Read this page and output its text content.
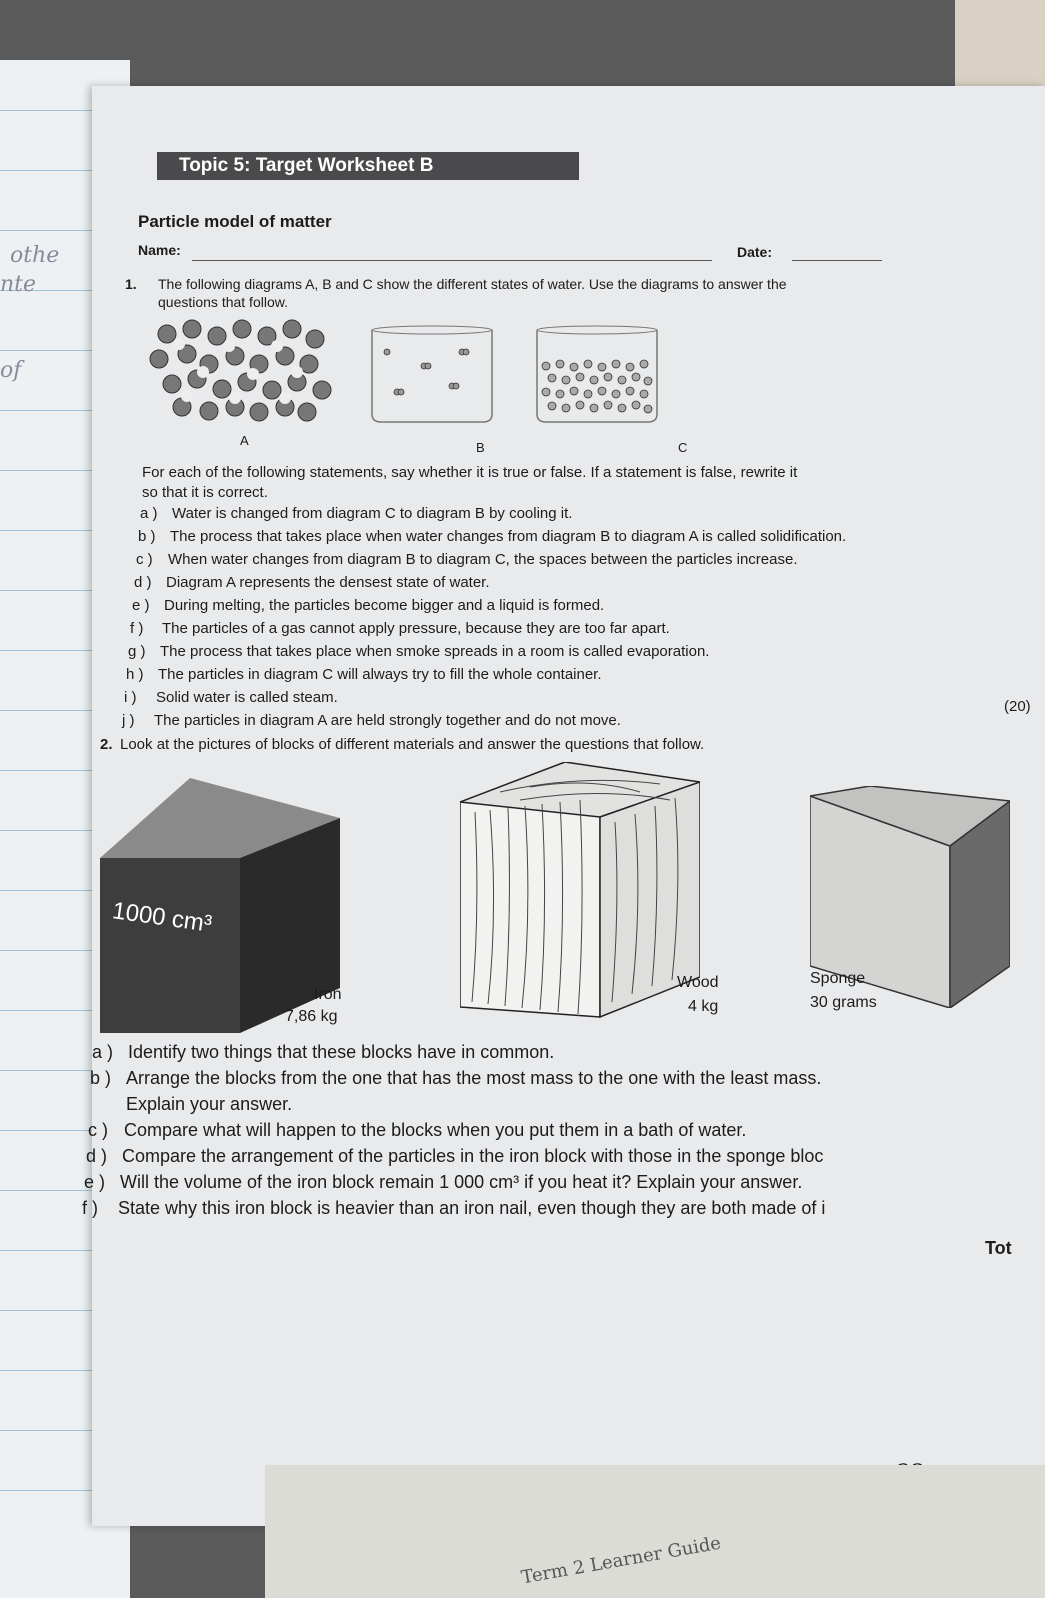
othe
nte
of
Topic 5: Target Worksheet B
Particle model of matter
Name:	Date:
1. The following diagrams A, B and C show the different states of water. Use the diagrams to answer the
questions that follow.
A	B	C
For each of the following statements, say whether it is true or false. If a statement is false, rewrite it
so that it is correct.
a ) Water is changed from diagram C to diagram B by cooling it.
b ) The process that takes place when water changes from diagram B to diagram A is called solidification.
c ) When water changes from diagram B to diagram C, the spaces between the particles increase.
d ) Diagram A represents the densest state of water.
e ) During melting, the particles become bigger and a liquid is formed.
f ) The particles of a gas cannot apply pressure, because they are too far apart.
g ) The process that takes place when smoke spreads in a room is called evaporation.
h ) The particles in diagram C will always try to fill the whole container.
i ) Solid water is called steam.
j ) The particles in diagram A are held strongly together and do not move.
(20)
2. Look at the pictures of blocks of different materials and answer the questions that follow.
1000 cm³
Iron
7,86 kg
Wood
4 kg
Sponge
30 grams
a ) Identify two things that these blocks have in common.
b ) Arrange the blocks from the one that has the most mass to the one with the least mass.
Explain your answer.
c ) Compare what will happen to the blocks when you put them in a bath of water.
d ) Compare the arrangement of the particles in the iron block with those in the sponge bloc
e ) Will the volume of the iron block remain 1 000 cm³ if you heat it? Explain your answer.
f ) State why this iron block is heavier than an iron nail, even though they are both made of i
Tot
Term 2 Learner Guide
